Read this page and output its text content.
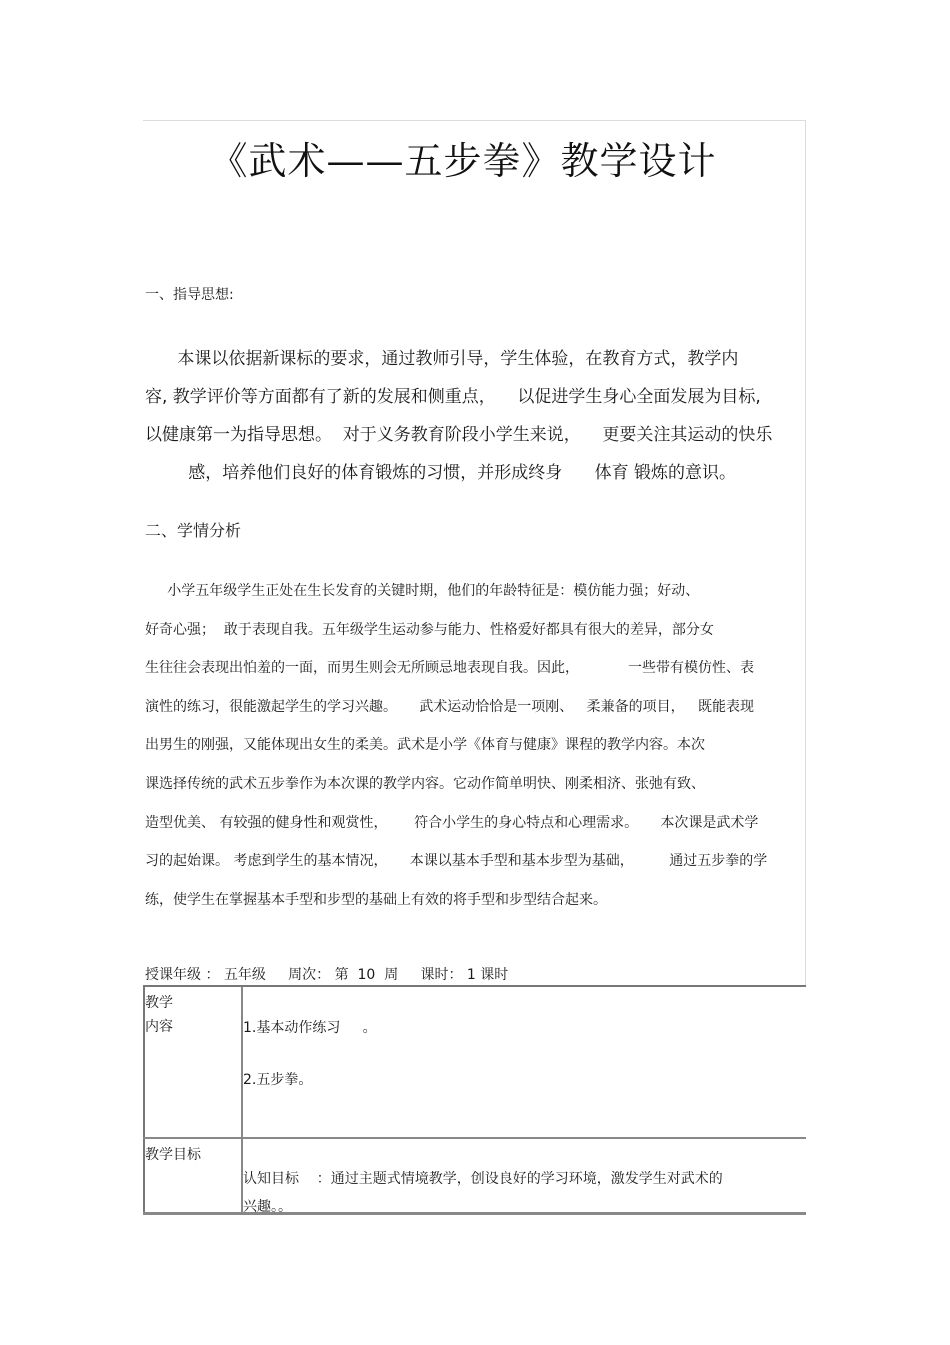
《武术——五步拳》教学设计
一、指导思想:
本课以依据新课标的要求，通过教师引导，学生体验，在教育方式，教学内
容, 教学评价等方面都有了新的发展和侧重点，    以促进学生身心全面发展为目标,
以健康第一为指导思想。  对于义务教育阶段小学生来说，    更要关注其运动的快乐
感，培养他们良好的体育锻炼的习惯，并形成终身      体育 锻炼的意识。
二、学情分析
小学五年级学生正处在生长发育的关键时期，他们的年龄特征是：模仿能力强；好动、
好奇心强；  敢于表现自我。五年级学生运动参与能力、性格爱好都具有很大的差异，部分女
生往往会表现出怕羞的一面，而男生则会无所顾忌地表现自我。因此，           一些带有模仿性、表
演性的练习，很能激起学生的学习兴趣。     武术运动恰恰是一项刚、   柔兼备的项目，   既能表现
出男生的刚强，又能体现出女生的柔美。武术是小学《体育与健康》课程的教学内容。本次
课选择传统的武术五步拳作为本次课的教学内容。它动作简单明快、刚柔相济、张弛有致、
造型优美、 有较强的健身性和观赏性，      符合小学生的身心特点和心理需求。     本次课是武术学
习的起始课。 考虑到学生的基本情况，     本课以基本手型和基本步型为基础，        通过五步拳的学
练，使学生在掌握基本手型和步型的基础上有效的将手型和步型结合起来。
授课年级 ： 五年级     周次： 第  10  周     课时： 1 课时
教学
内容	1.基本动作练习     。
2.五步拳。
教学目标
认知目标    ：通过主题式情境教学，创设良好的学习环境，激发学生对武术的
兴趣。。
